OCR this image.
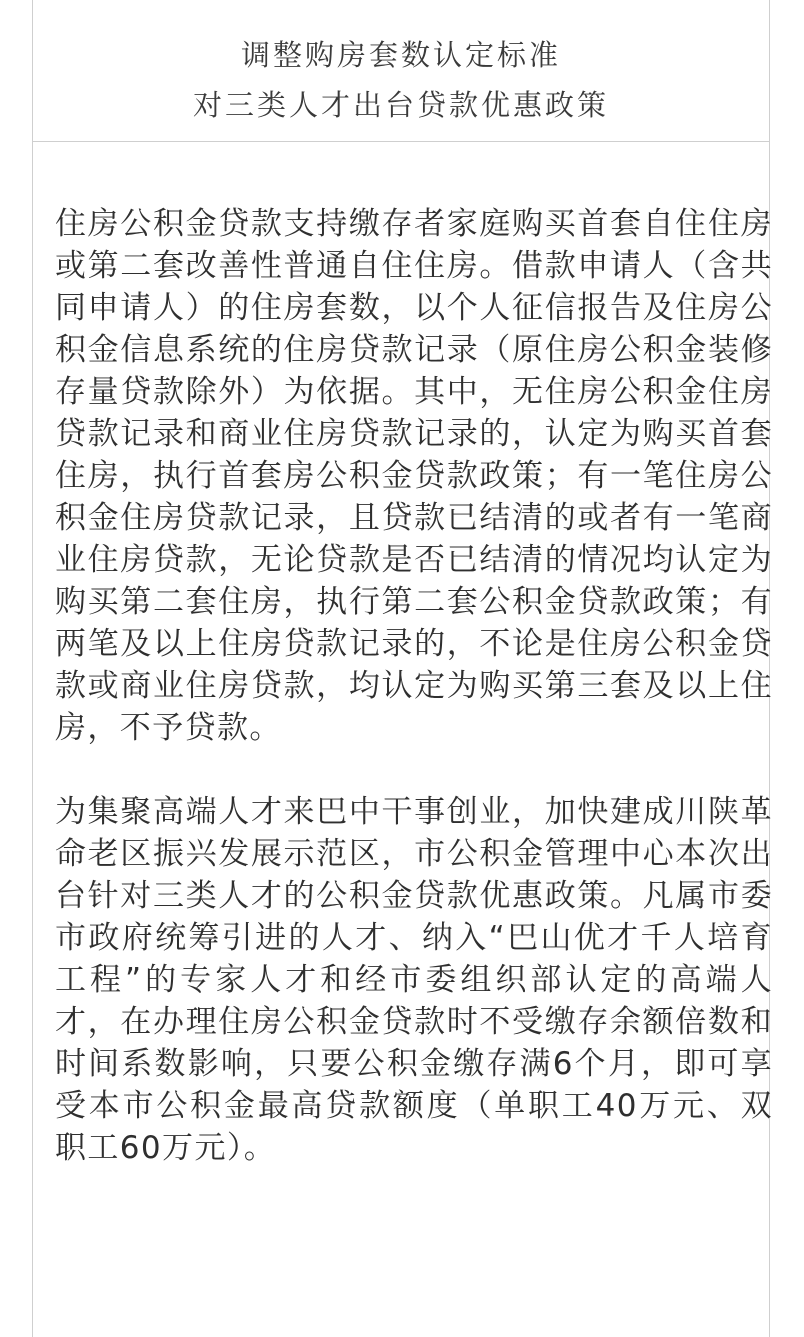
调整购房套数认定标准
对三类人才出台贷款优惠政策

住房公积金贷款支持缴存者家庭购买首套自住住房或第二套改善性普通自住住房。借款申请人（含共同申请人）的住房套数，以个人征信报告及住房公积金信息系统的住房贷款记录（原住房公积金装修存量贷款除外）为依据。其中，无住房公积金住房贷款记录和商业住房贷款记录的，认定为购买首套住房，执行首套房公积金贷款政策；有一笔住房公积金住房贷款记录，且贷款已结清的或者有一笔商业住房贷款，无论贷款是否已结清的情况均认定为购买第二套住房，执行第二套公积金贷款政策；有两笔及以上住房贷款记录的，不论是住房公积金贷款或商业住房贷款，均认定为购买第三套及以上住房，不予贷款。

为集聚高端人才来巴中干事创业，加快建成川陕革命老区振兴发展示范区，市公积金管理中心本次出台针对三类人才的公积金贷款优惠政策。凡属市委市政府统筹引进的人才、纳入“巴山优才千人培育工程”的专家人才和经市委组织部认定的高端人才，在办理住房公积金贷款时不受缴存余额倍数和时间系数影响，只要公积金缴存满6个月，即可享受本市公积金最高贷款额度（单职工40万元、双职工60万元）。
